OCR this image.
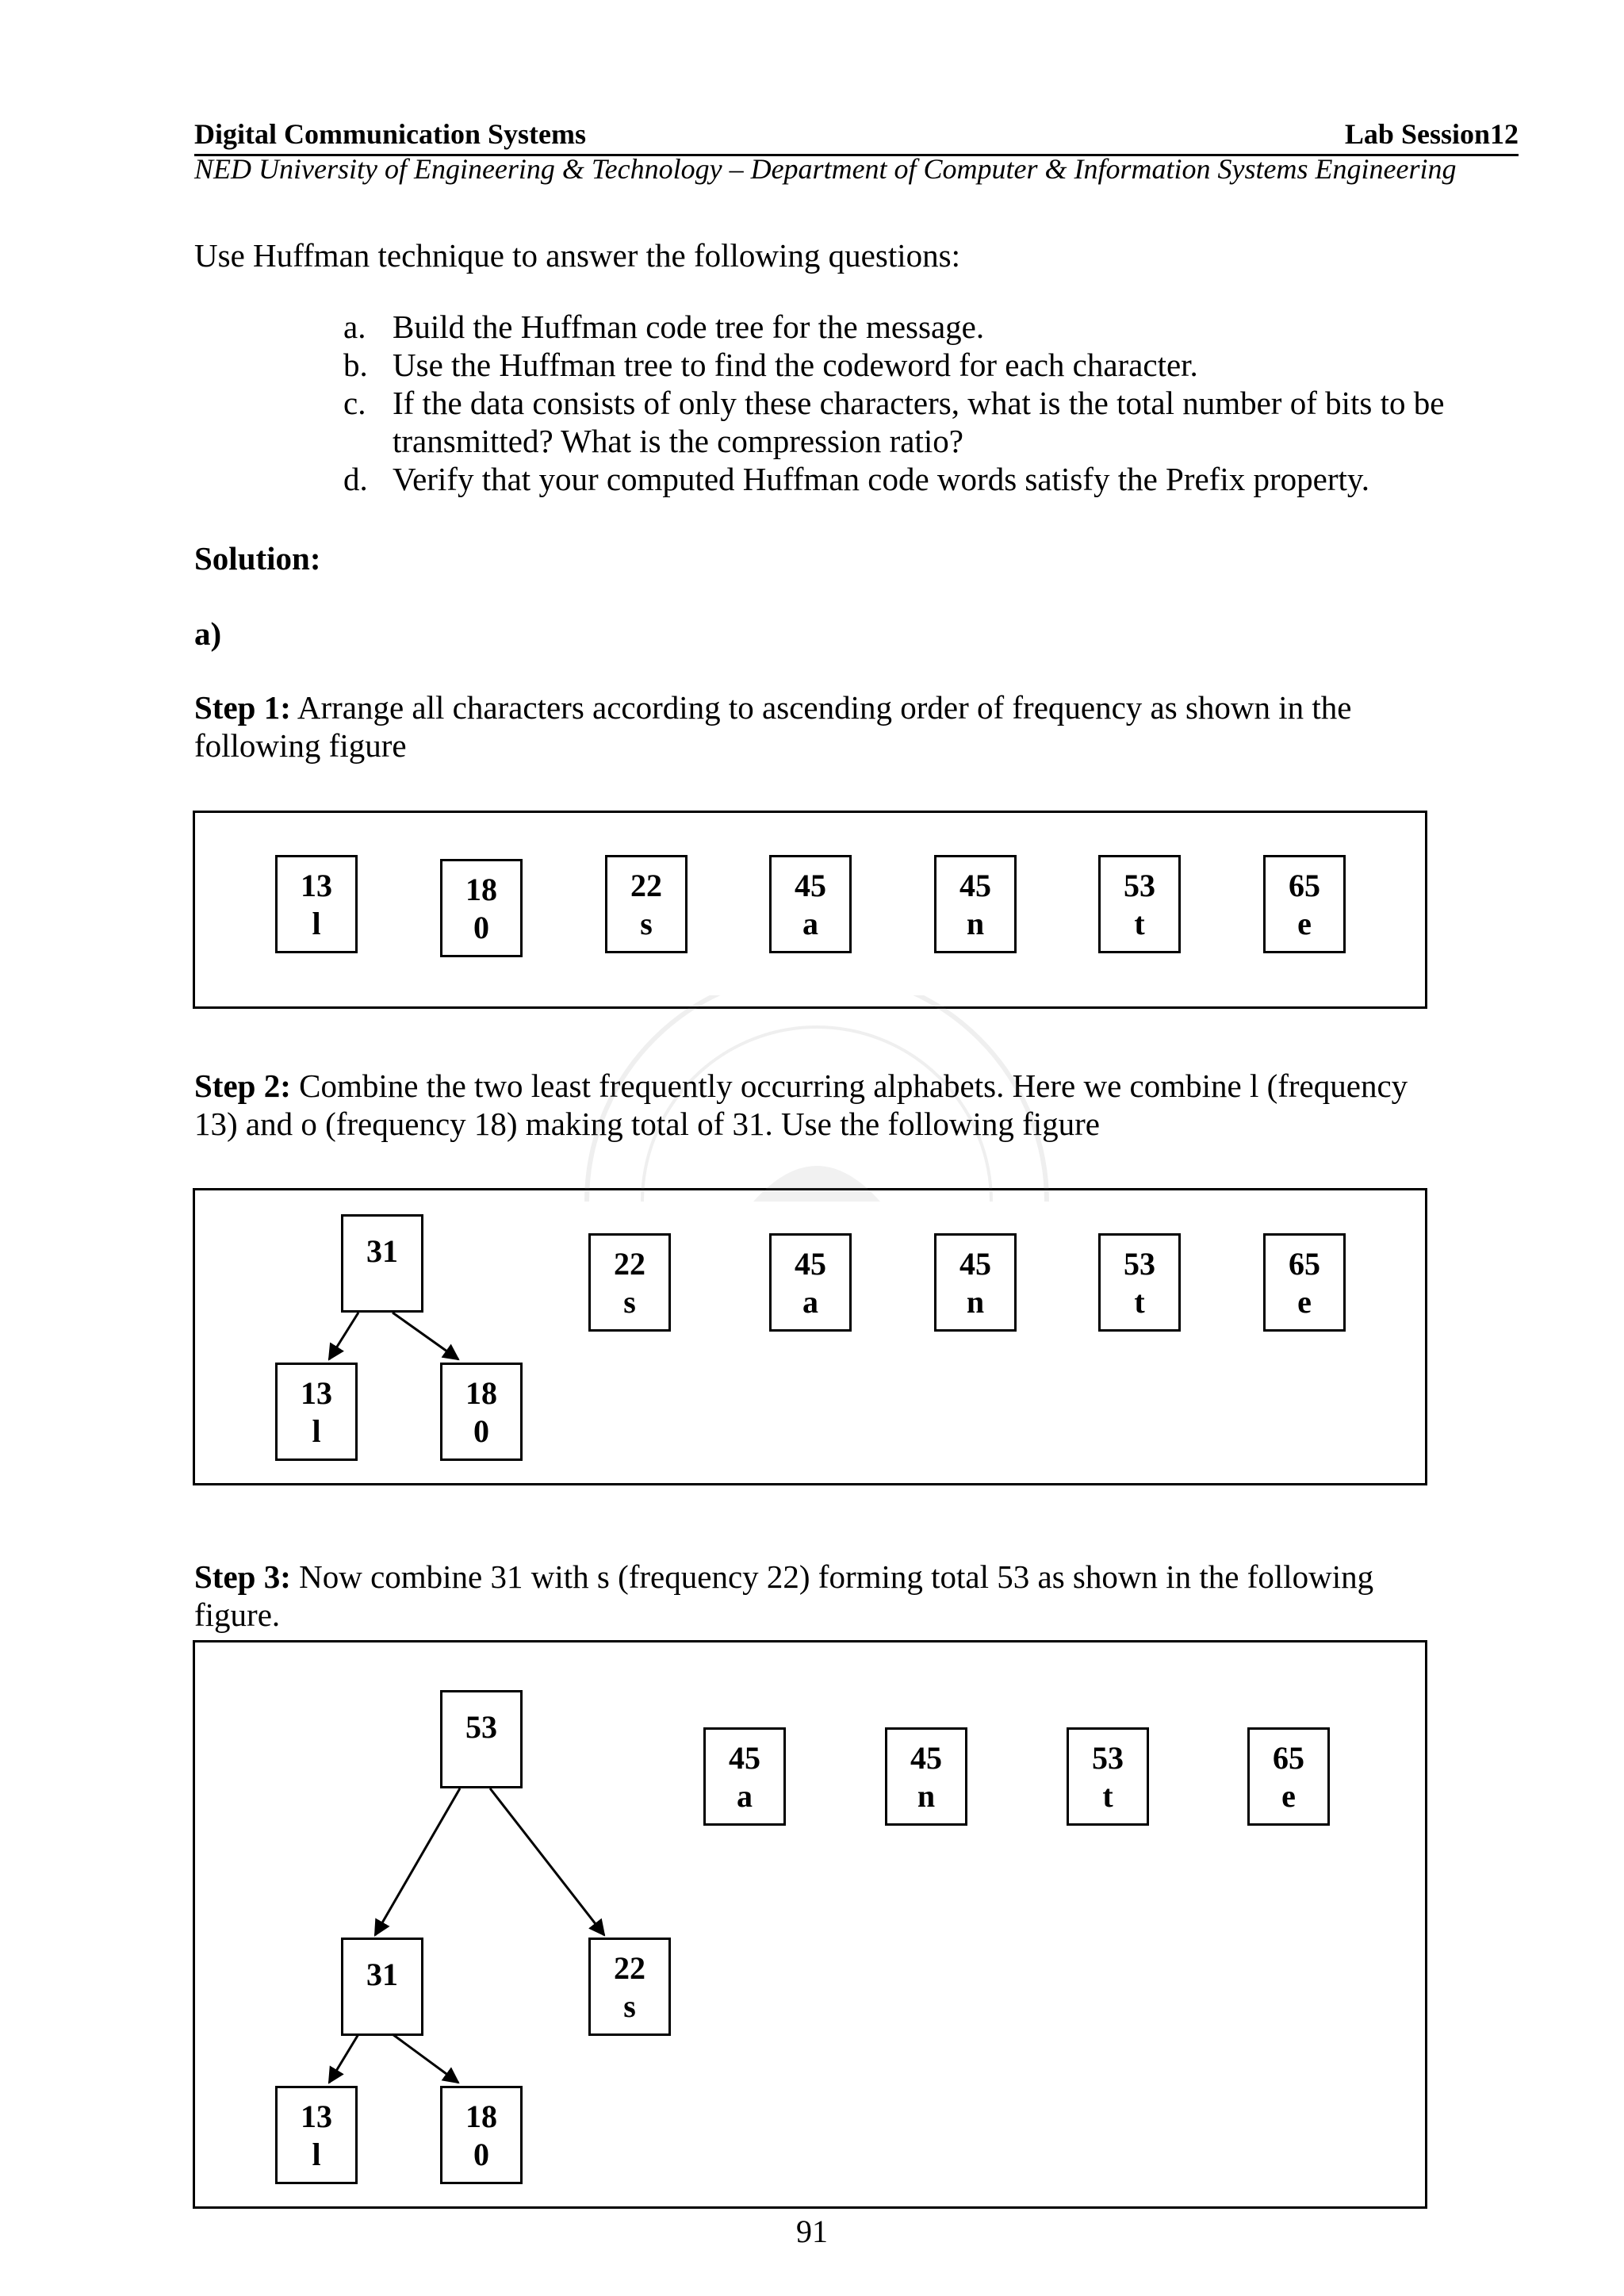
Digital Communication Systems	Lab Session12
NED University of Engineering & Technology – Department of Computer & Information Systems Engineering
Use Huffman technique to answer the following questions:
a. Build the Huffman code tree for the message.
b. Use the Huffman tree to find the codeword for each character.
c. If the data consists of only these characters, what is the total number of bits to be transmitted? What is the compression ratio?
d. Verify that your computed Huffman code words satisfy the Prefix property.
Solution:
a)
Step 1: Arrange all characters according to ascending order of frequency as shown in the following figure
Step 2: Combine the two least frequently occurring alphabets. Here we combine l (frequency 13) and o (frequency 18) making total of 31. Use the following figure
Step 3: Now combine 31 with s (frequency 22) forming total 53 as shown in the following figure.
13
l
18
0
22
s
45
a
45
n
53
t
65
e
31
13
l
18
0
22
s
45
a
45
n
53
t
65
e
53
31	22
s
13
l
18
0
45
a
45
n
53
t
65
e
91
